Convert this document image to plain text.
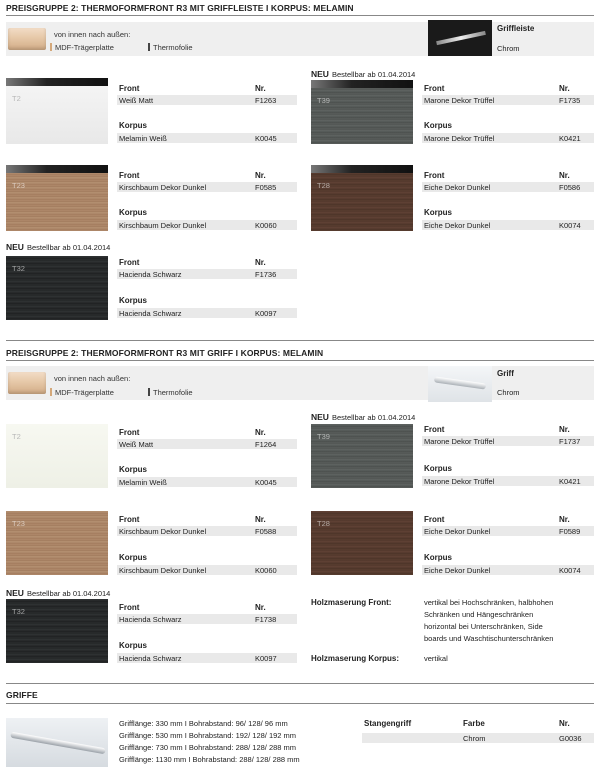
PREISGRUPPE 2: THERMOFORMFRONT R3 MIT GRIFFLEISTE I KORPUS: MELAMIN
von innen nach außen:
MDF-Trägerplatte	Thermofolie
Griffleiste
Chrom
T2
Front	Nr.
Weiß Matt	F1263
Korpus
Melamin Weiß	K0045
NEU Bestellbar ab 01.04.2014
T39
Front	Nr.
Marone Dekor Trüffel	F1735
Korpus
Marone Dekor Trüffel	K0421
T23
Front	Nr.
Kirschbaum Dekor Dunkel	F0585
Korpus
Kirschbaum Dekor Dunkel	K0060
T28
Front	Nr.
Eiche Dekor Dunkel	F0586
Korpus
Eiche Dekor Dunkel	K0074
NEU Bestellbar ab 01.04.2014
T32
Front	Nr.
Hacienda Schwarz	F1736
Korpus
Hacienda Schwarz	K0097
PREISGRUPPE 2: THERMOFORMFRONT R3 MIT GRIFF I KORPUS: MELAMIN
von innen nach außen:
MDF-Trägerplatte	Thermofolie
Griff
Chrom
T2	Front	Nr.
Weiß Matt	F1264
Korpus
Melamin Weiß	K0045
NEU Bestellbar ab 01.04.2014
T39
Front	Nr.
Marone Dekor Trüffel	F1737
Korpus
Marone Dekor Trüffel	K0421
T23	Front	Nr.
Kirschbaum Dekor Dunkel	F0588
Korpus
Kirschbaum Dekor Dunkel	K0060
T28	Front	Nr.
Eiche Dekor Dunkel	F0589
Korpus
Eiche Dekor Dunkel	K0074
NEU Bestellbar ab 01.04.2014
T32	Front	Nr.
Hacienda Schwarz	F1738
Korpus
Hacienda Schwarz	K0097
Holzmaserung Front:	vertikal bei Hochschränken, halbhohen
Schränken und Hängeschränken
horizontal bei Unterschränken, Side
boards und Waschtischunterschränken
Holzmaserung Korpus:	vertikal
GRIFFE
Grifflänge: 330 mm I Bohrabstand: 96/ 128/ 96 mm
Grifflänge: 530 mm I Bohrabstand: 192/ 128/ 192 mm
Grifflänge: 730 mm I Bohrabstand: 288/ 128/ 288 mm
Grifflänge: 1130 mm I Bohrabstand: 288/ 128/ 288 mm
Stangengriff	Farbe	Nr.
Chrom	G0036
